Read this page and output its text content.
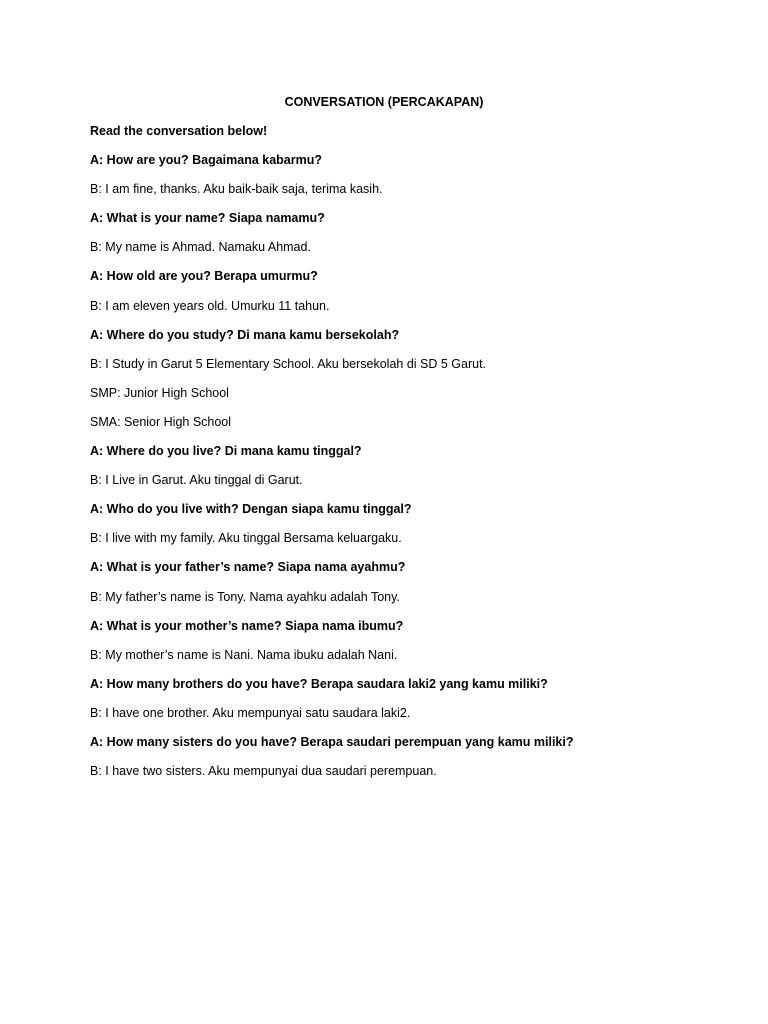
CONVERSATION (PERCAKAPAN)

Read the conversation below!
A: How are you? Bagaimana kabarmu?
B: I am fine, thanks. Aku baik-baik saja, terima kasih.
A: What is your name? Siapa namamu?
B: My name is Ahmad. Namaku Ahmad.
A: How old are you? Berapa umurmu?
B: I am eleven years old. Umurku 11 tahun.
A: Where do you study? Di mana kamu bersekolah?
B: I Study in Garut 5 Elementary School. Aku bersekolah di SD 5 Garut.
SMP: Junior High School
SMA: Senior High School
A: Where do you live? Di mana kamu tinggal?
B: I Live in Garut. Aku tinggal di Garut.
A: Who do you live with? Dengan siapa kamu tinggal?
B: I live with my family. Aku tinggal Bersama keluargaku.
A: What is your father’s name? Siapa nama ayahmu?
B: My father’s name is Tony. Nama ayahku adalah Tony.
A: What is your mother’s name? Siapa nama ibumu?
B: My mother’s name is Nani. Nama ibuku adalah Nani.
A: How many brothers do you have? Berapa saudara laki2 yang kamu miliki?
B: I have one brother. Aku mempunyai satu saudara laki2.
A: How many sisters do you have? Berapa saudari perempuan yang kamu miliki?
B: I have two sisters. Aku mempunyai dua saudari perempuan.
